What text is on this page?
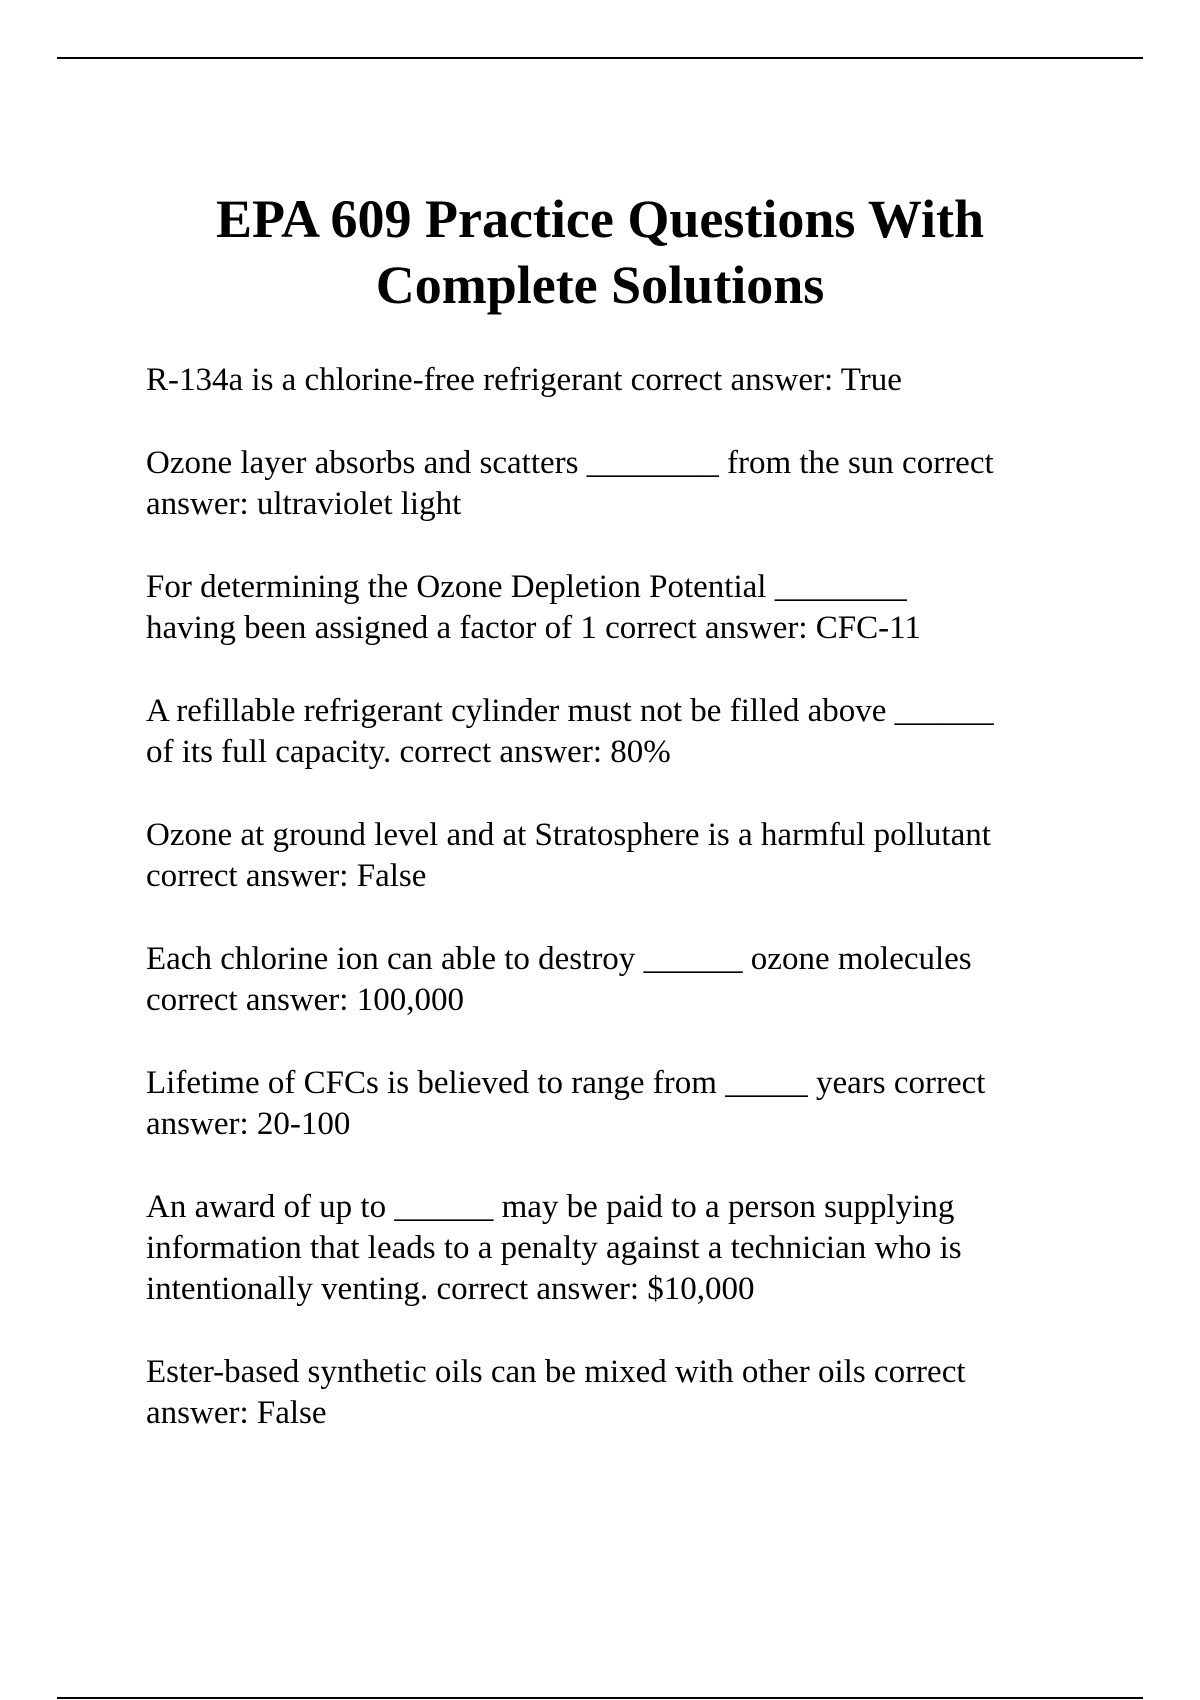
EPA 609 Practice Questions With
Complete Solutions

R-134a is a chlorine-free refrigerant correct answer: True

Ozone layer absorbs and scatters ________ from the sun correct
answer: ultraviolet light

For determining the Ozone Depletion Potential ________
having been assigned a factor of 1 correct answer: CFC-11

A refillable refrigerant cylinder must not be filled above ______
of its full capacity. correct answer: 80%

Ozone at ground level and at Stratosphere is a harmful pollutant
correct answer: False

Each chlorine ion can able to destroy ______ ozone molecules
correct answer: 100,000

Lifetime of CFCs is believed to range from _____ years correct
answer: 20-100

An award of up to ______ may be paid to a person supplying
information that leads to a penalty against a technician who is
intentionally venting. correct answer: $10,000

Ester-based synthetic oils can be mixed with other oils correct
answer: False
